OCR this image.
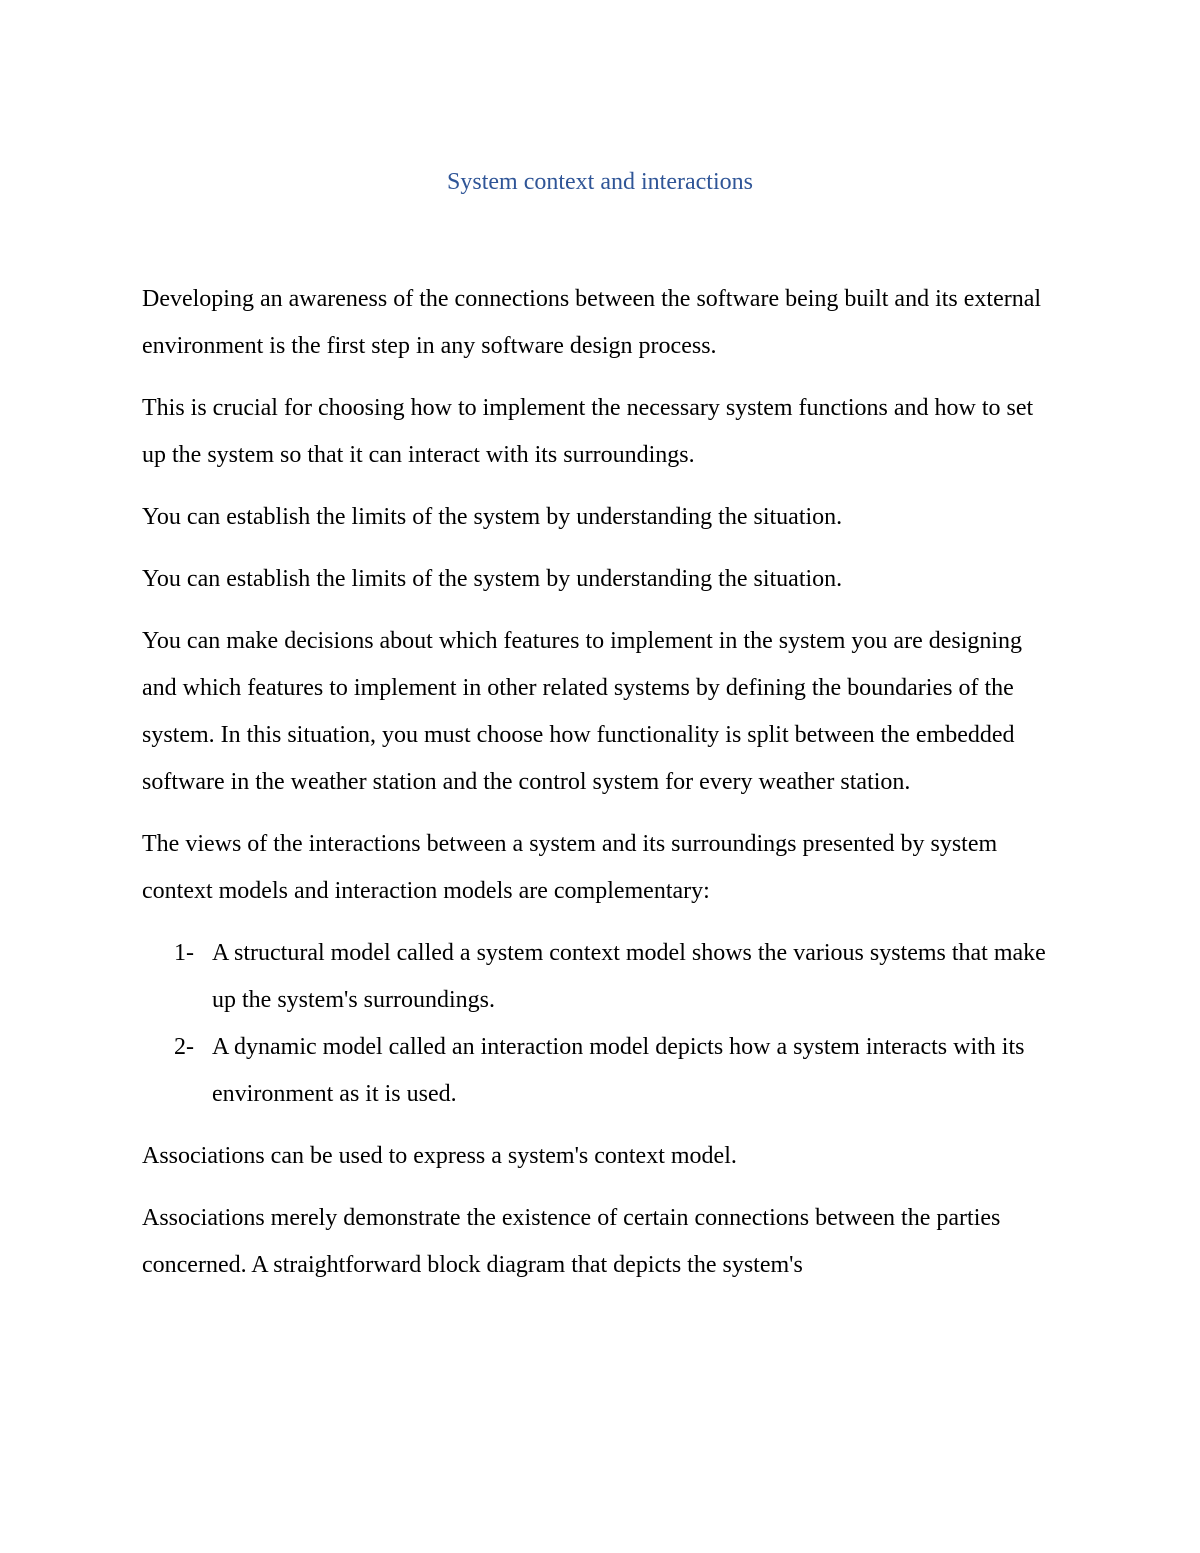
System context and interactions

Developing an awareness of the connections between the software being built and its external environment is the first step in any software design process.

This is crucial for choosing how to implement the necessary system functions and how to set up the system so that it can interact with its surroundings.

You can establish the limits of the system by understanding the situation.

You can establish the limits of the system by understanding the situation.

You can make decisions about which features to implement in the system you are designing and which features to implement in other related systems by defining the boundaries of the system. In this situation, you must choose how functionality is split between the embedded software in the weather station and the control system for every weather station.

The views of the interactions between a system and its surroundings presented by system context models and interaction models are complementary:

1- A structural model called a system context model shows the various systems that make up the system's surroundings.
2- A dynamic model called an interaction model depicts how a system interacts with its environment as it is used.

Associations can be used to express a system's context model.

Associations merely demonstrate the existence of certain connections between the parties concerned. A straightforward block diagram that depicts the system's
